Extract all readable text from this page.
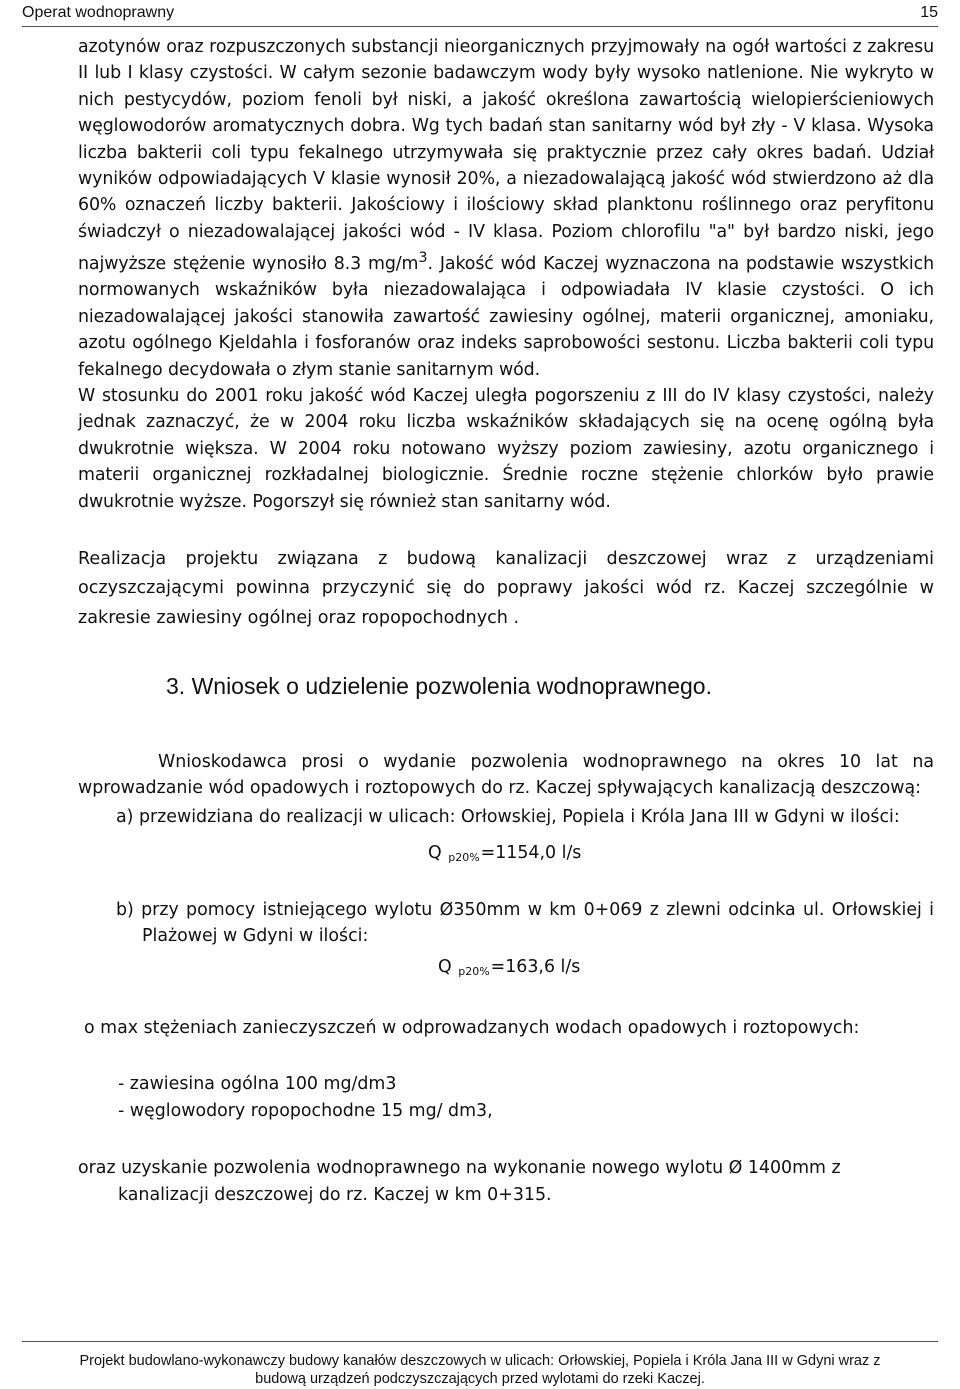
Operat wodnoprawny	15

azotynów oraz rozpuszczonych substancji nieorganicznych przyjmowały na ogół wartości z zakresu II lub I klasy czystości. W całym sezonie badawczym wody były wysoko natlenione. Nie wykryto w nich pestycydów, poziom fenoli był niski, a jakość określona zawartością wielopierścieniowych węglowodorów aromatycznych dobra. Wg tych badań stan sanitarny wód był zły - V klasa. Wysoka liczba bakterii coli typu fekalnego utrzymywała się praktycznie przez cały okres badań. Udział wyników odpowiadających V klasie wynosił 20%, a niezadowalającą jakość wód stwierdzono aż dla 60% oznaczeń liczby bakterii. Jakościowy i ilościowy skład planktonu roślinnego oraz peryfitonu świadczył o niezadowalającej jakości wód - IV klasa. Poziom chlorofilu "a" był bardzo niski, jego najwyższe stężenie wynosiło 8.3 $mg/m^3$. Jakość wód Kaczej wyznaczona na podstawie wszystkich normowanych wskaźników była niezadowalająca i odpowiadała IV klasie czystości. O ich niezadowalającej jakości stanowiła zawartość zawiesiny ogólnej, materii organicznej, amoniaku, azotu ogólnego Kjeldahla i fosforanów oraz indeks saprobowości sestonu. Liczba bakterii coli typu fekalnego decydowała o złym stanie sanitarnym wód.

W stosunku do 2001 roku jakość wód Kaczej uległa pogorszeniu z III do IV klasy czystości, należy jednak zaznaczyć, że w 2004 roku liczba wskaźników składających się na ocenę ogólną była dwukrotnie większa. W 2004 roku notowano wyższy poziom zawiesiny, azotu organicznego i materii organicznej rozkładalnej biologicznie. Średnie roczne stężenie chlorków było prawie dwukrotnie wyższe. Pogorszył się również stan sanitarny wód.

Realizacja projektu związana z budową kanalizacji deszczowej wraz z urządzeniami oczyszczającymi powinna przyczynić się do poprawy jakości wód rz. Kaczej szczególnie w zakresie zawiesiny ogólnej oraz ropopochodnych .

3. Wniosek o udzielenie pozwolenia wodnoprawnego.

Wnioskodawca prosi o wydanie pozwolenia wodnoprawnego na okres 10 lat na wprowadzanie wód opadowych i roztopowych do rz. Kaczej spływających kanalizacją deszczową:

a) przewidziana do realizacji w ulicach: Orłowskiej, Popiela i Króla Jana III w Gdyni w ilości:

Q $_{p20\%}$=1154,0 l/s

b) przy pomocy istniejącego wylotu Ø350mm w km 0+069 z zlewni odcinka ul. Orłowskiej i Plażowej w Gdyni w ilości:

Q $_{p20\%}$=163,6 l/s

o max stężeniach zanieczyszczeń w odprowadzanych wodach opadowych i roztopowych:

- zawiesina ogólna 100 mg/dm3
- węglowodory ropopochodne 15 mg/ dm3,
oraz uzyskanie pozwolenia wodnoprawnego na wykonanie nowego wylotu Ø 1400mm z
kanalizacji deszczowej do rz. Kaczej w km 0+315.
Projekt budowlano-wykonawczy budowy kanałów deszczowych w ulicach: Orłowskiej, Popiela i Króla Jana III w Gdyni wraz z
budową urządzeń podczyszczających przed wylotami do rzeki Kaczej.
